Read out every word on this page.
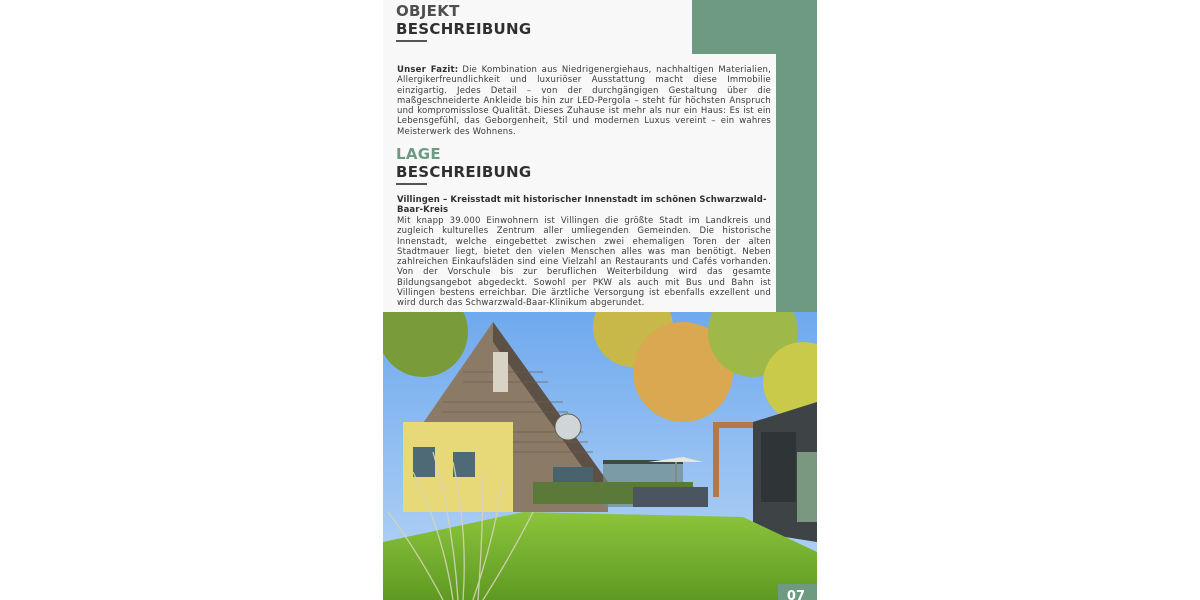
OBJEKT
BESCHREIBUNG
Unser Fazit: Die Kombination aus Niedrigenergiehaus, nachhaltigen Materialien, Allergikerfreundlichkeit und luxuriöser Ausstattung macht diese Immobilie einzigartig. Jedes Detail – von der durchgängigen Gestaltung über die maßgeschneiderte Ankleide bis hin zur LED-Pergola – steht für höchsten Anspruch und kompromisslose Qualität. Dieses Zuhause ist mehr als nur ein Haus: Es ist ein Lebensgefühl, das Geborgenheit, Stil und modernen Luxus vereint – ein wahres Meisterwerk des Wohnens.
LAGE
BESCHREIBUNG
Villingen – Kreisstadt mit historischer Innenstadt im schönen Schwarzwald-Baar-Kreis
Mit knapp 39.000 Einwohnern ist Villingen die größte Stadt im Landkreis und zugleich kulturelles Zentrum aller umliegenden Gemeinden. Die historische Innenstadt, welche eingebettet zwischen zwei ehemaligen Toren der alten Stadtmauer liegt, bietet den vielen Menschen alles was man benötigt. Neben zahlreichen Einkaufsläden sind eine Vielzahl an Restaurants und Cafés vorhanden. Von der Vorschule bis zur beruflichen Weiterbildung wird das gesamte Bildungsangebot abgedeckt. Sowohl per PKW als auch mit Bus und Bahn ist Villingen bestens erreichbar. Die ärztliche Versorgung ist ebenfalls exzellent und wird durch das Schwarzwald-Baar-Klinikum abgerundet.
07
